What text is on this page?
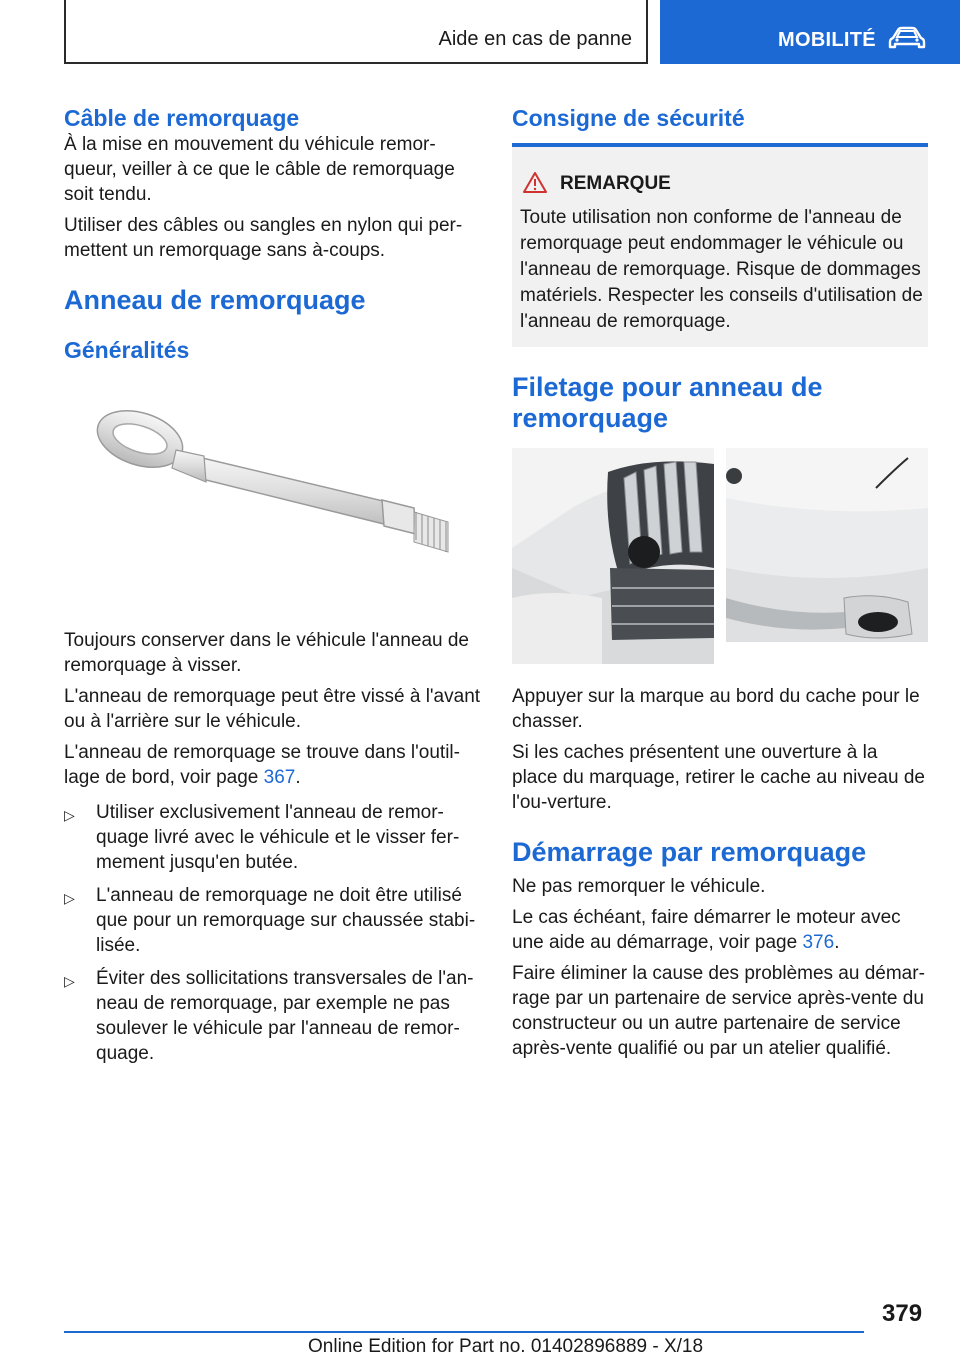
Aide en cas de panne	MOBILITÉ
Câble de remorquage

À la mise en mouvement du véhicule remor-queur, veiller à ce que le câble de remorquage soit tendu.

Utiliser des câbles ou sangles en nylon qui per-mettent un remorquage sans à-coups.

Anneau de remorquage
Généralités

Toujours conserver dans le véhicule l'anneau de remorquage à visser.

L'anneau de remorquage peut être vissé à l'avant ou à l'arrière sur le véhicule.

L'anneau de remorquage se trouve dans l'outil-lage de bord, voir page 367.

▷ Utiliser exclusivement l'anneau de remor-quage livré avec le véhicule et le visser fer-mement jusqu'en butée.
▷ L'anneau de remorquage ne doit être utilisé que pour un remorquage sur chaussée stabi-lisée.
▷ Éviter des sollicitations transversales de l'an-neau de remorquage, par exemple ne pas soulever le véhicule par l'anneau de remor-quage.
Consigne de sécurité
REMARQUE
Toute utilisation non conforme de l'anneau de remorquage peut endommager le véhicule ou l'anneau de remorquage. Risque de dommages matériels. Respecter les conseils d'utilisation de l'anneau de remorquage.
Filetage pour anneau de remorquage

Appuyer sur la marque au bord du cache pour le chasser.

Si les caches présentent une ouverture à la place du marquage, retirer le cache au niveau de l'ou-verture.

Démarrage par remorquage

Ne pas remorquer le véhicule.

Le cas échéant, faire démarrer le moteur avec une aide au démarrage, voir page 376.

Faire éliminer la cause des problèmes au démar-rage par un partenaire de service après-vente du constructeur ou un autre partenaire de service après-vente qualifié ou par un atelier qualifié.

379
Online Edition for Part no. 01402896889 - X/18
